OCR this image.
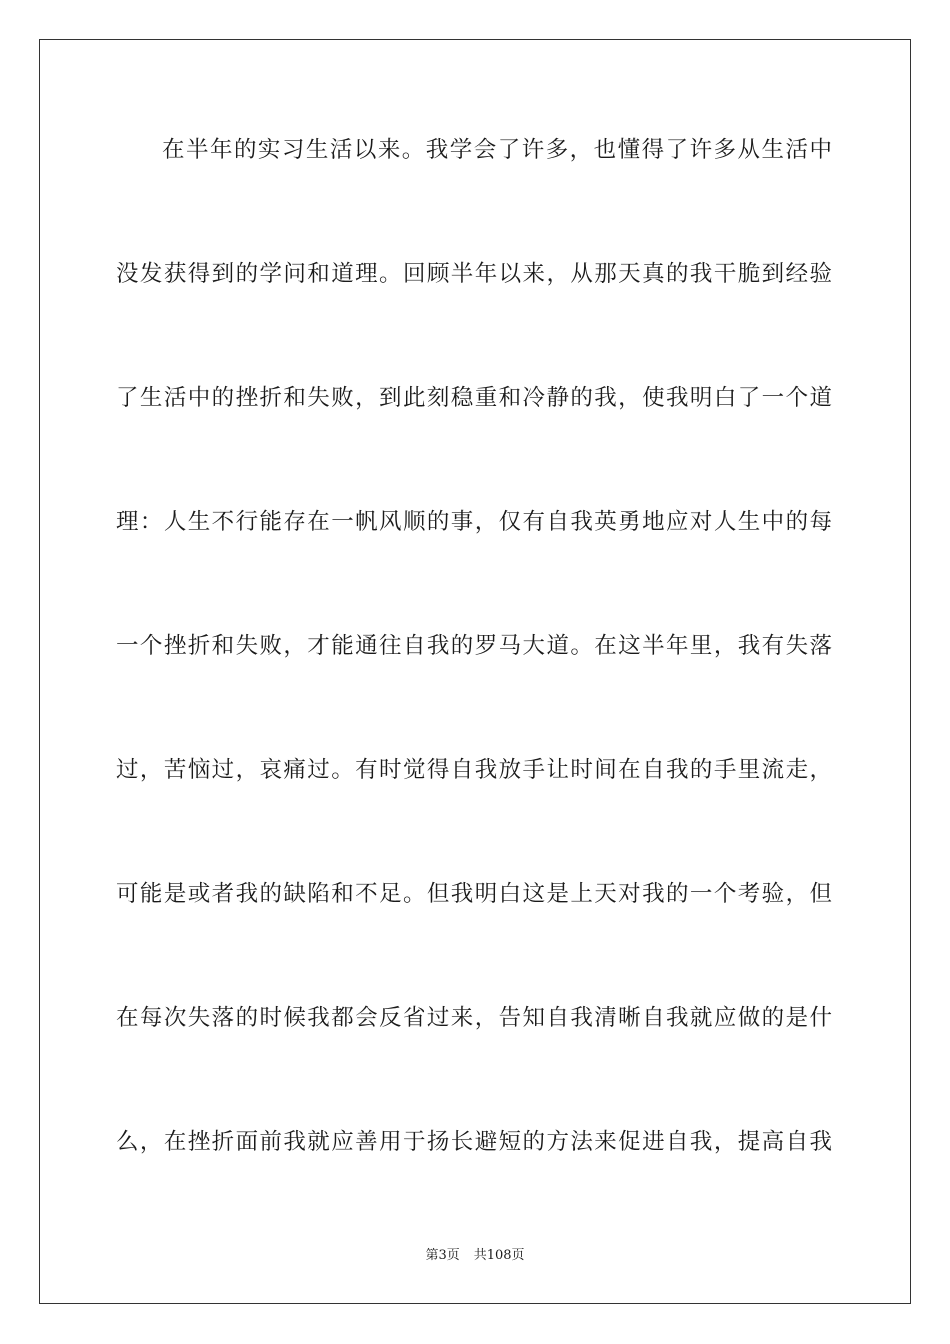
在半年的实习生活以来。我学会了许多，也懂得了许多从生活中
没发获得到的学问和道理。回顾半年以来，从那天真的我干脆到经验
了生活中的挫折和失败，到此刻稳重和冷静的我，使我明白了一个道
理：人生不行能存在一帆风顺的事，仅有自我英勇地应对人生中的每
一个挫折和失败，才能通往自我的罗马大道。在这半年里，我有失落
过，苦恼过，哀痛过。有时觉得自我放手让时间在自我的手里流走，
可能是或者我的缺陷和不足。但我明白这是上天对我的一个考验，但
在每次失落的时候我都会反省过来，告知自我清晰自我就应做的是什
么，在挫折面前我就应善用于扬长避短的方法来促进自我，提高自我
第3页 共108页
